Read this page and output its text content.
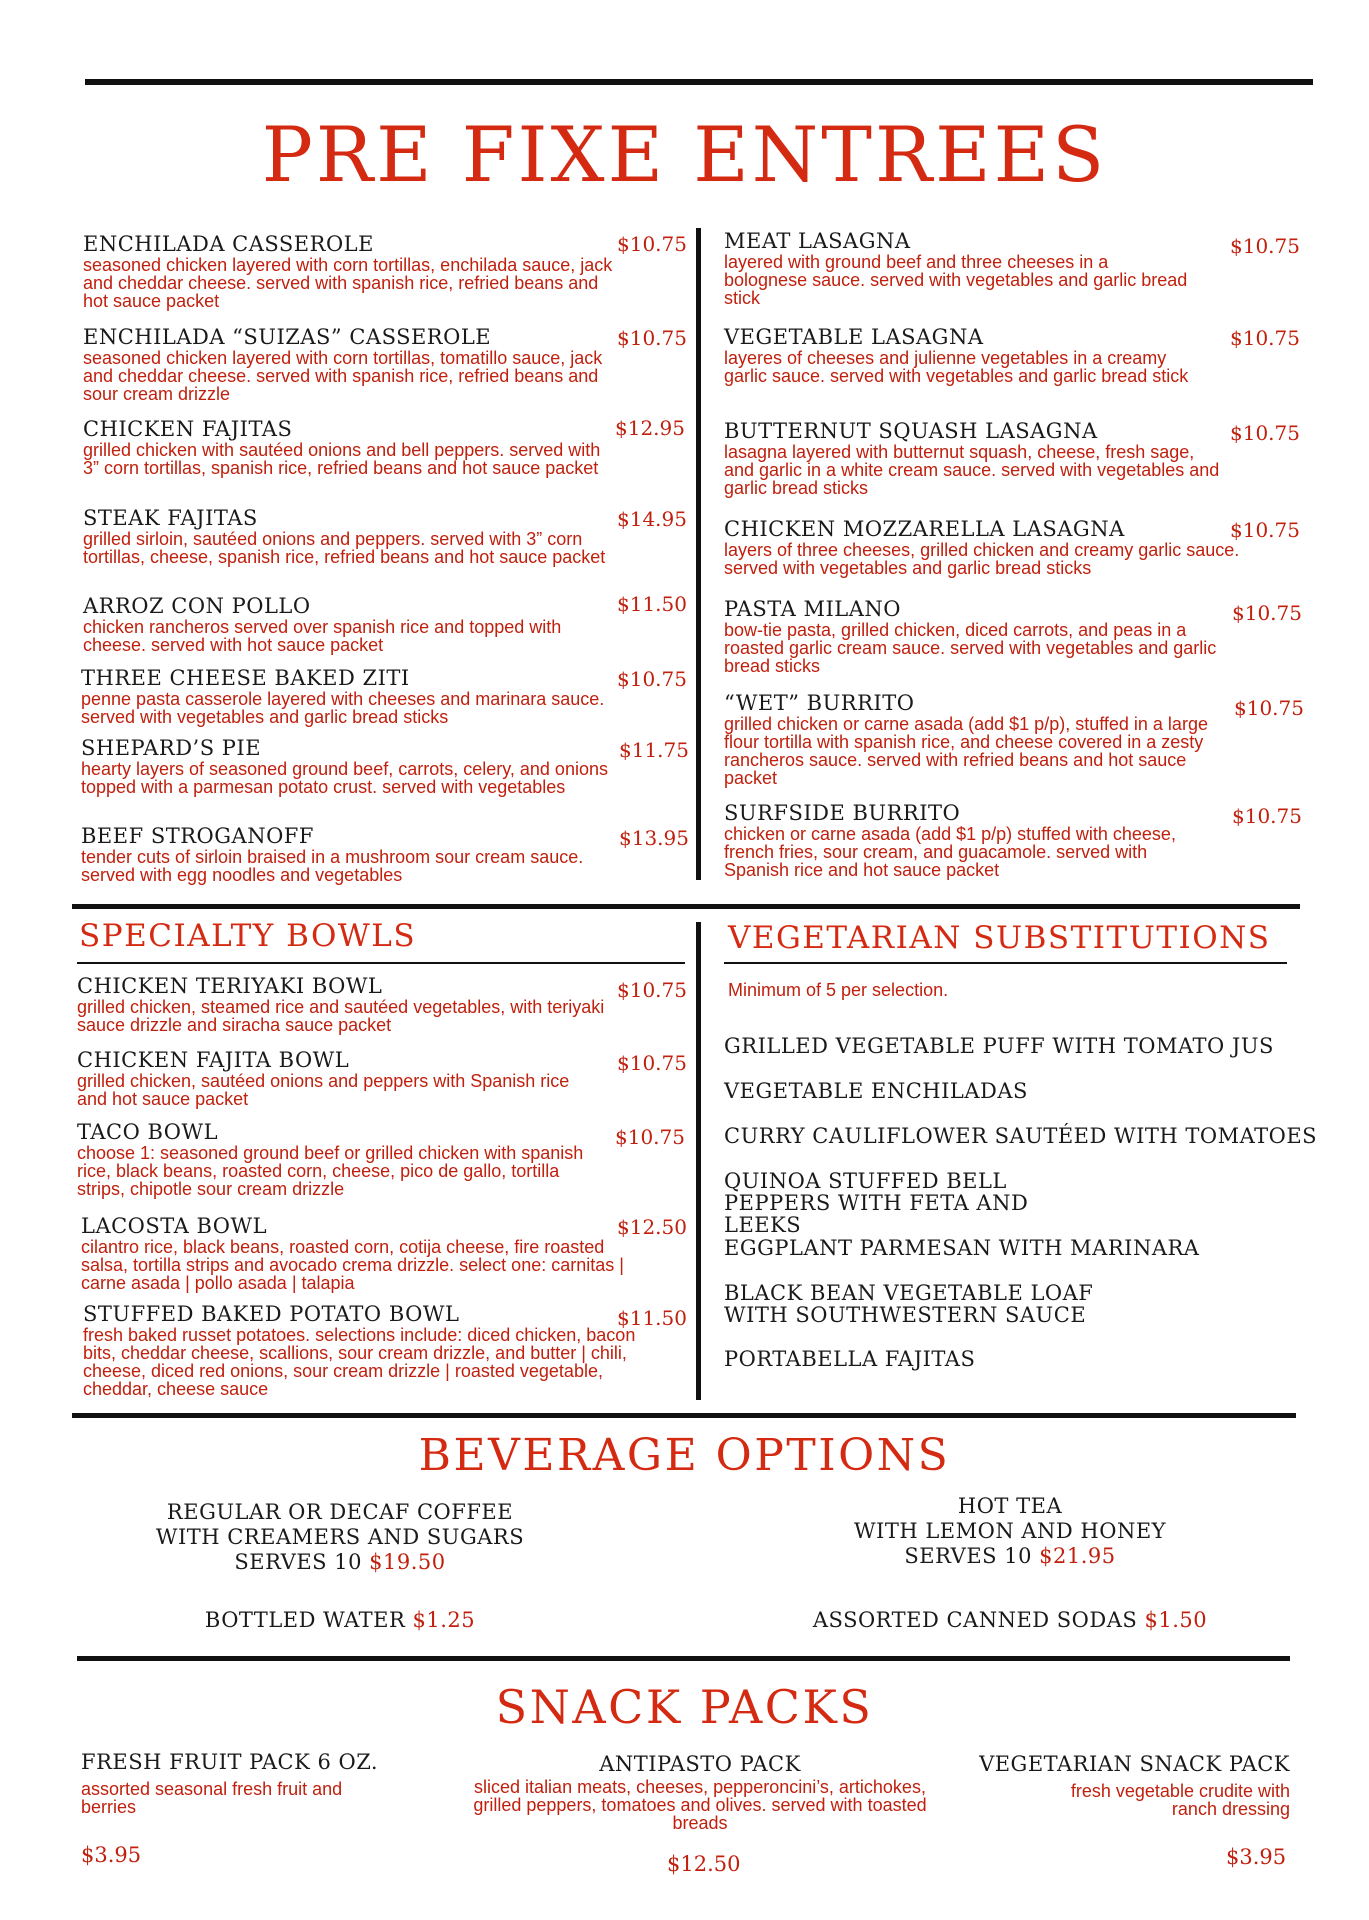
PRE FIXE ENTREES
ENCHILADA CASSEROLE
seasoned chicken layered with corn tortillas, enchilada sauce, jack and cheddar cheese. served with spanish rice, refried beans and hot sauce packet
$10.75
ENCHILADA “SUIZAS” CASSEROLE
seasoned chicken layered with corn tortillas, tomatillo sauce, jack and cheddar cheese. served with spanish rice, refried beans and sour cream drizzle
$10.75
CHICKEN FAJITAS
grilled chicken with sautéed onions and bell peppers. served with 3” corn tortillas, spanish rice, refried beans and hot sauce packet
$12.95
STEAK FAJITAS
grilled sirloin, sautéed onions and peppers. served with 3” corn tortillas, cheese, spanish rice, refried beans and hot sauce packet
$14.95
ARROZ CON POLLO
chicken rancheros served over spanish rice and topped with cheese. served with hot sauce packet
$11.50
THREE CHEESE BAKED ZITI
penne pasta casserole layered with cheeses and marinara sauce. served with vegetables and garlic bread sticks
$10.75
SHEPARD’S PIE
hearty layers of seasoned ground beef, carrots, celery, and onions topped with a parmesan potato crust. served with vegetables
$11.75
BEEF STROGANOFF
tender cuts of sirloin braised in a mushroom sour cream sauce. served with egg noodles and vegetables
$13.95
MEAT LASAGNA
layered with ground beef and three cheeses in a bolognese sauce. served with vegetables and garlic bread stick
$10.75
VEGETABLE LASAGNA
layeres of cheeses and julienne vegetables in a creamy garlic sauce. served with vegetables and garlic bread stick
$10.75
BUTTERNUT SQUASH LASAGNA
lasagna layered with butternut squash, cheese, fresh sage, and garlic in a white cream sauce. served with vegetables and garlic bread sticks
$10.75
CHICKEN MOZZARELLA LASAGNA
layers of three cheeses, grilled chicken and creamy garlic sauce. served with vegetables and garlic bread sticks
$10.75
PASTA MILANO
bow-tie pasta, grilled chicken, diced carrots, and peas in a roasted garlic cream sauce. served with vegetables and garlic bread sticks
$10.75
“WET” BURRITO
grilled chicken or carne asada (add $1 p/p), stuffed in a large flour tortilla with spanish rice, and cheese covered in a zesty rancheros sauce. served with refried beans and hot sauce packet
$10.75
SURFSIDE BURRITO
chicken or carne asada (add $1 p/p) stuffed with cheese, french fries, sour cream, and guacamole. served with Spanish rice and hot sauce packet
$10.75
SPECIALTY BOWLS
CHICKEN TERIYAKI BOWL
grilled chicken, steamed rice and sautéed vegetables, with teriyaki sauce drizzle and siracha sauce packet
$10.75
CHICKEN FAJITA BOWL
grilled chicken, sautéed onions and peppers with Spanish rice and hot sauce packet
$10.75
TACO BOWL
choose 1: seasoned ground beef or grilled chicken with spanish rice, black beans, roasted corn, cheese, pico de gallo, tortilla strips, chipotle sour cream drizzle
$10.75
LACOSTA BOWL
cilantro rice, black beans, roasted corn, cotija cheese, fire roasted salsa, tortilla strips and avocado crema drizzle. select one: carnitas | carne asada | pollo asada | talapia
$12.50
STUFFED BAKED POTATO BOWL
fresh baked russet potatoes. selections include: diced chicken, bacon bits, cheddar cheese, scallions, sour cream drizzle, and butter | chili, cheese, diced red onions, sour cream drizzle | roasted vegetable, cheddar, cheese sauce
$11.50
VEGETARIAN SUBSTITUTIONS
Minimum of 5 per selection.
GRILLED VEGETABLE PUFF WITH TOMATO JUS
VEGETABLE ENCHILADAS
CURRY CAULIFLOWER SAUTÉED WITH TOMATOES
QUINOA STUFFED BELL PEPPERS WITH FETA AND LEEKS
EGGPLANT PARMESAN WITH MARINARA
BLACK BEAN VEGETABLE LOAF WITH SOUTHWESTERN SAUCE
PORTABELLA FAJITAS
BEVERAGE OPTIONS
REGULAR OR DECAF COFFEE
WITH CREAMERS AND SUGARS
SERVES 10 $19.50
HOT TEA
WITH LEMON AND HONEY
SERVES 10 $21.95
BOTTLED WATER $1.25	ASSORTED CANNED SODAS $1.50
SNACK PACKS
FRESH FRUIT PACK 6 OZ.
assorted seasonal fresh fruit and berries
$3.95
ANTIPASTO PACK
sliced italian meats, cheeses, pepperoncini’s, artichokes, grilled peppers, tomatoes and olives. served with toasted breads
$12.50
VEGETARIAN SNACK PACK
fresh vegetable crudite with ranch dressing
$3.95
